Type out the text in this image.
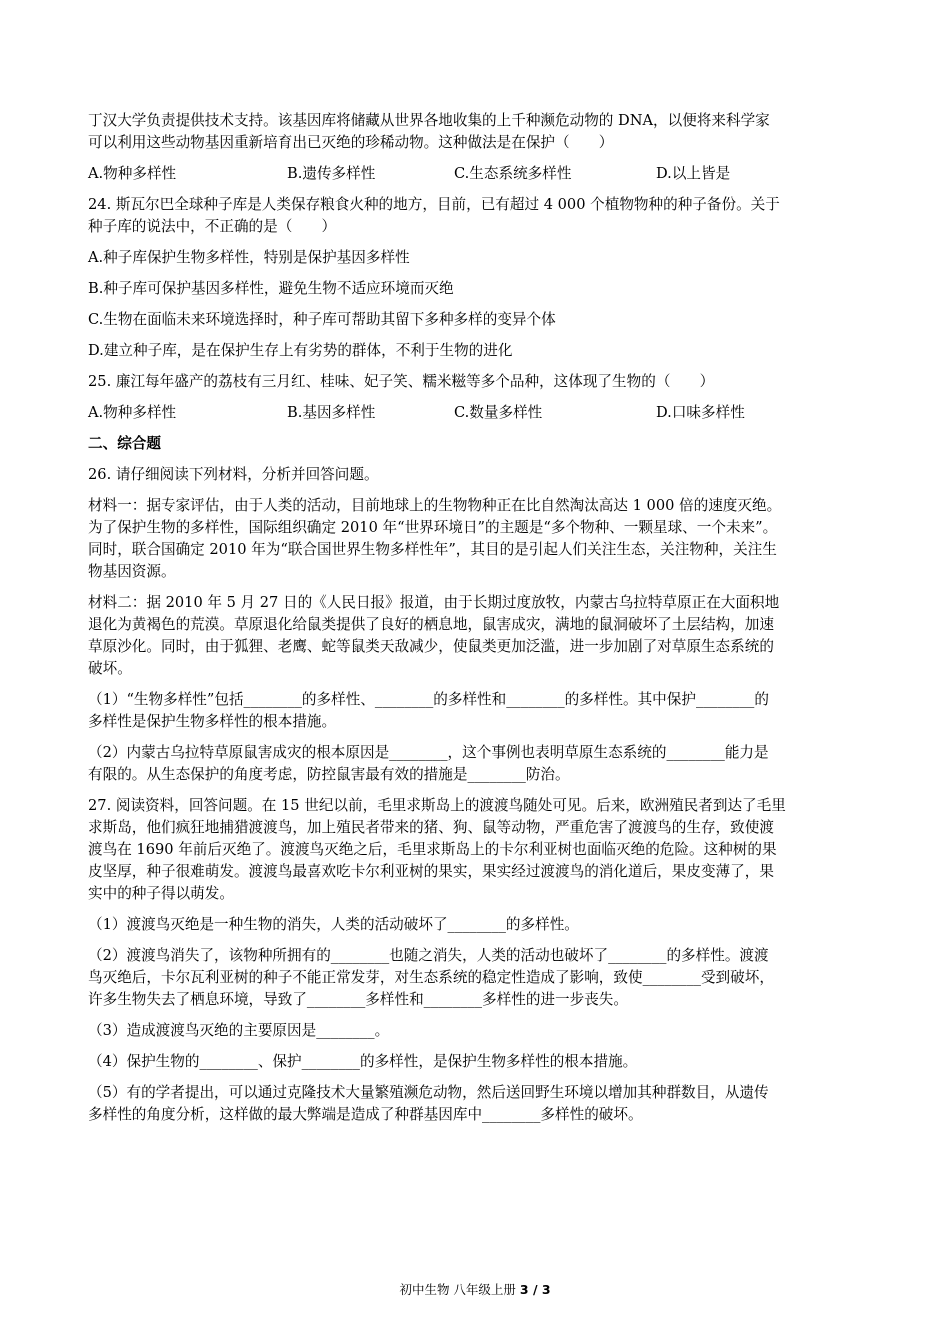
丁汉大学负责提供技术支持。该基因库将储藏从世界各地收集的上千种濒危动物的 DNA，以便将来科学家

可以利用这些动物基因重新培育出已灭绝的珍稀动物。这种做法是在保护（　　）

A.物种多样性	B.遗传多样性	C.生态系统多样性	D.以上皆是

24. 斯瓦尔巴全球种子库是人类保存粮食火种的地方，目前，已有超过 4 000 个植物物种的种子备份。关于

种子库的说法中，不正确的是（　　）

A.种子库保护生物多样性，特别是保护基因多样性

B.种子库可保护基因多样性，避免生物不适应环境而灭绝

C.生物在面临未来环境选择时，种子库可帮助其留下多种多样的变异个体

D.建立种子库，是在保护生存上有劣势的群体，不利于生物的进化

25. 廉江每年盛产的荔枝有三月红、桂味、妃子笑、糯米糍等多个品种，这体现了生物的（　　）

A.物种多样性	B.基因多样性	C.数量多样性	D.口味多样性

二、综合题

26. 请仔细阅读下列材料，分析并回答问题。

材料一：据专家评估，由于人类的活动，目前地球上的生物物种正在比自然淘汰高达 1 000 倍的速度灭绝。

为了保护生物的多样性，国际组织确定 2010 年“世界环境日”的主题是“多个物种、一颗星球、一个未来”。

同时，联合国确定 2010 年为“联合国世界生物多样性年”，其目的是引起人们关注生态，关注物种，关注生

物基因资源。

材料二：据 2010 年 5 月 27 日的《人民日报》报道，由于长期过度放牧，内蒙古乌拉特草原正在大面积地

退化为黄褐色的荒漠。草原退化给鼠类提供了良好的栖息地，鼠害成灾，满地的鼠洞破坏了土层结构，加速

草原沙化。同时，由于狐狸、老鹰、蛇等鼠类天敌减少，使鼠类更加泛滥，进一步加剧了对草原生态系统的

破坏。

（1）“生物多样性”包括________的多样性、________的多样性和________的多样性。其中保护________的

多样性是保护生物多样性的根本措施。

（2）内蒙古乌拉特草原鼠害成灾的根本原因是________，这个事例也表明草原生态系统的________能力是

有限的。从生态保护的角度考虑，防控鼠害最有效的措施是________防治。

27. 阅读资料，回答问题。在 15 世纪以前，毛里求斯岛上的渡渡鸟随处可见。后来，欧洲殖民者到达了毛里

求斯岛，他们疯狂地捕猎渡渡鸟，加上殖民者带来的猪、狗、鼠等动物，严重危害了渡渡鸟的生存，致使渡

渡鸟在 1690 年前后灭绝了。渡渡鸟灭绝之后，毛里求斯岛上的卡尔利亚树也面临灭绝的危险。这种树的果

皮坚厚，种子很难萌发。渡渡鸟最喜欢吃卡尔利亚树的果实，果实经过渡渡鸟的消化道后，果皮变薄了，果

实中的种子得以萌发。

（1）渡渡鸟灭绝是一种生物的消失，人类的活动破坏了________的多样性。

（2）渡渡鸟消失了，该物种所拥有的________也随之消失，人类的活动也破坏了________的多样性。渡渡

鸟灭绝后，卡尔瓦利亚树的种子不能正常发芽，对生态系统的稳定性造成了影响，致使________受到破坏，

许多生物失去了栖息环境，导致了________多样性和________多样性的进一步丧失。

（3）造成渡渡鸟灭绝的主要原因是________。

（4）保护生物的________、保护________的多样性，是保护生物多样性的根本措施。

（5）有的学者提出，可以通过克隆技术大量繁殖濒危动物，然后送回野生环境以增加其种群数目，从遗传

多样性的角度分析，这样做的最大弊端是造成了种群基因库中________多样性的破坏。

初中生物 八年级上册 3 / 3
